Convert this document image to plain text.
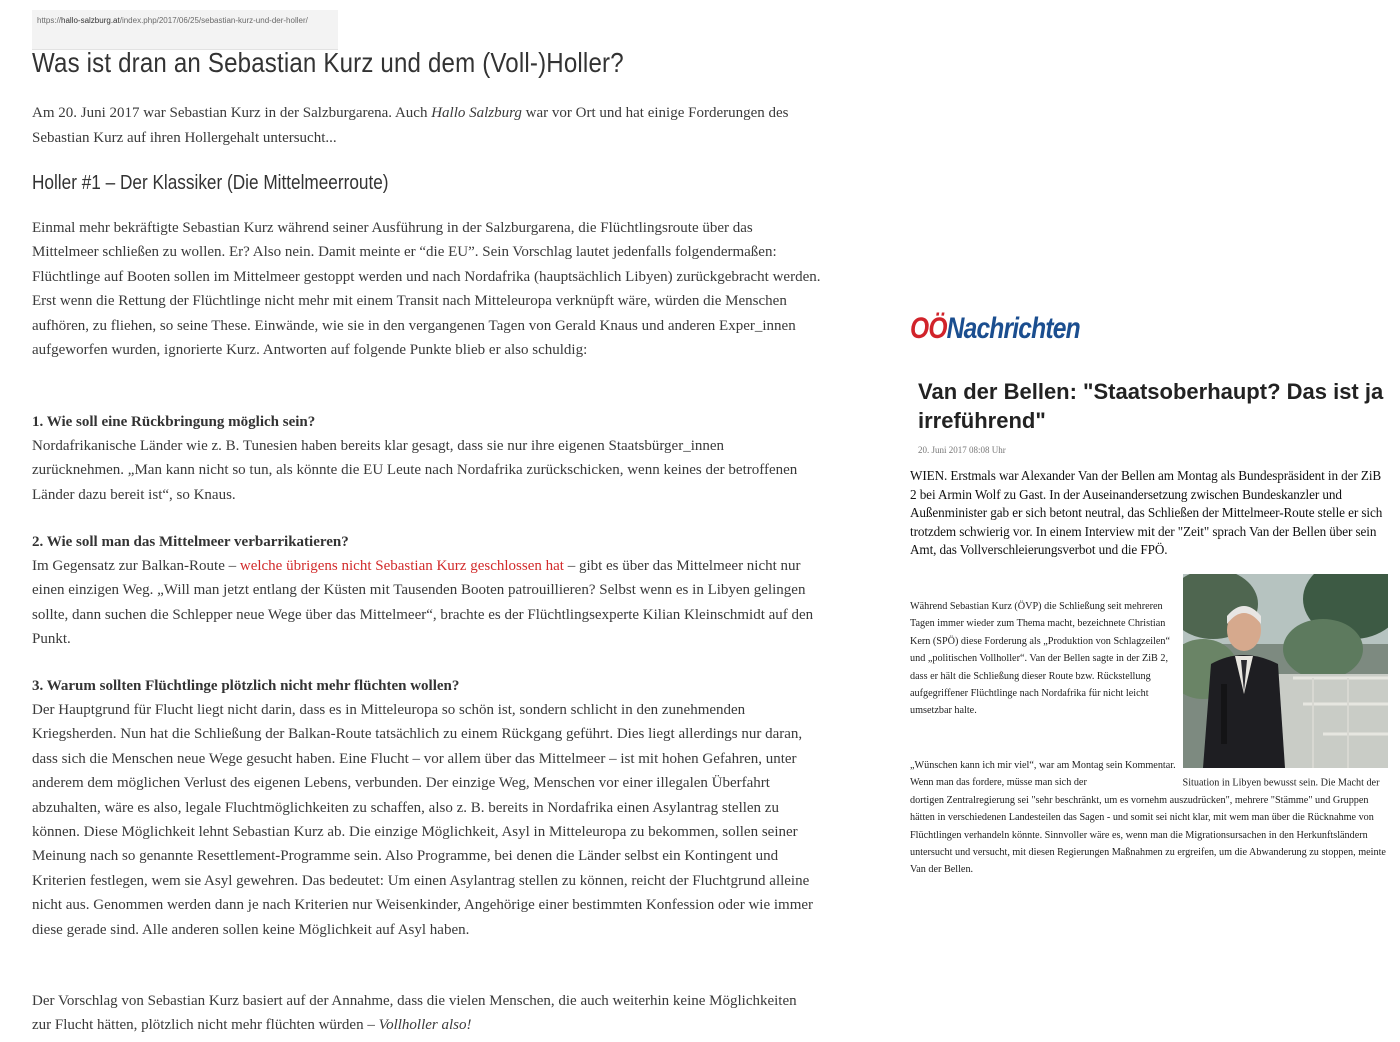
https://hallo-salzburg.at/index.php/2017/06/25/sebastian-kurz-und-der-holler/
Was ist dran an Sebastian Kurz und dem (Voll-)Holler?

Am 20. Juni 2017 war Sebastian Kurz in der Salzburgarena. Auch Hallo Salzburg war vor Ort und hat einige Forderungen des Sebastian Kurz auf ihren Hollergehalt untersucht...

Holler #1 – Der Klassiker (Die Mittelmeerroute)

Einmal mehr bekräftigte Sebastian Kurz während seiner Ausführung in der Salzburgarena, die Flüchtlingsroute über das Mittelmeer schließen zu wollen. Er? Also nein. Damit meinte er “die EU”. Sein Vorschlag lautet jedenfalls folgendermaßen: Flüchtlinge auf Booten sollen im Mittelmeer gestoppt werden und nach Nordafrika (hauptsächlich Libyen) zurückgebracht werden. Erst wenn die Rettung der Flüchtlinge nicht mehr mit einem Transit nach Mitteleuropa verknüpft wäre, würden die Menschen aufhören, zu fliehen, so seine These. Einwände, wie sie in den vergangenen Tagen von Gerald Knaus und anderen Exper_innen aufgeworfen wurden, ignorierte Kurz. Antworten auf folgende Punkte blieb er also schuldig:

1. Wie soll eine Rückbringung möglich sein?

Nordafrikanische Länder wie z. B. Tunesien haben bereits klar gesagt, dass sie nur ihre eigenen Staatsbürger_innen zurücknehmen. „Man kann nicht so tun, als könnte die EU Leute nach Nordafrika zurückschicken, wenn keines der betroffenen Länder dazu bereit ist“, so Knaus.

2. Wie soll man das Mittelmeer verbarrikatieren?

Im Gegensatz zur Balkan-Route – welche übrigens nicht Sebastian Kurz geschlossen hat – gibt es über das Mittelmeer nicht nur einen einzigen Weg. „Will man jetzt entlang der Küsten mit Tausenden Booten patrouillieren? Selbst wenn es in Libyen gelingen sollte, dann suchen die Schlepper neue Wege über das Mittelmeer“, brachte es der Flüchtlingsexperte Kilian Kleinschmidt auf den Punkt.

3. Warum sollten Flüchtlinge plötzlich nicht mehr flüchten wollen?

Der Hauptgrund für Flucht liegt nicht darin, dass es in Mitteleuropa so schön ist, sondern schlicht in den zunehmenden Kriegsherden. Nun hat die Schließung der Balkan-Route tatsächlich zu einem Rückgang geführt. Dies liegt allerdings nur daran, dass sich die Menschen neue Wege gesucht haben. Eine Flucht – vor allem über das Mittelmeer – ist mit hohen Gefahren, unter anderem dem möglichen Verlust des eigenen Lebens, verbunden. Der einzige Weg, Menschen vor einer illegalen Überfahrt abzuhalten, wäre es also, legale Fluchtmöglichkeiten zu schaffen, also z. B. bereits in Nordafrika einen Asylantrag stellen zu können. Diese Möglichkeit lehnt Sebastian Kurz ab. Die einzige Möglichkeit, Asyl in Mitteleuropa zu bekommen, sollen seiner Meinung nach so genannte Resettlement-Programme sein. Also Programme, bei denen die Länder selbst ein Kontingent und Kriterien festlegen, wem sie Asyl gewehren. Das bedeutet: Um einen Asylantrag stellen zu können, reicht der Fluchtgrund alleine nicht aus. Genommen werden dann je nach Kriterien nur Weisenkinder, Angehörige einer bestimmten Konfession oder wie immer diese gerade sind. Alle anderen sollen keine Möglichkeit auf Asyl haben.

Der Vorschlag von Sebastian Kurz basiert auf der Annahme, dass die vielen Menschen, die auch weiterhin keine Möglichkeiten zur Flucht hätten, plötzlich nicht mehr flüchten würden – Vollholler also!

OÖNachrichten
Van der Bellen: "Staatsoberhaupt? Das ist ja irreführend"
20. Juni 2017 08:08 Uhr

WIEN. Erstmals war Alexander Van der Bellen am Montag als Bundespräsident in der ZiB 2 bei Armin Wolf zu Gast. In der Auseinandersetzung zwischen Bundeskanzler und Außenminister gab er sich betont neutral, das Schließen der Mittelmeer-Route stelle er sich trotzdem schwierig vor. In einem Interview mit der "Zeit" sprach Van der Bellen über sein Amt, das Vollverschleierungsverbot und die FPÖ.

Während Sebastian Kurz (ÖVP) die Schließung seit mehreren Tagen immer wieder zum Thema macht, bezeichnete Christian Kern (SPÖ) diese Forderung als „Produktion von Schlagzeilen“ und „politischen Vollholler“. Van der Bellen sagte in der ZiB 2, dass er hält die Schließung dieser Route bzw. Rückstellung aufgegriffener Flüchtlinge nach Nordafrika für nicht leicht umsetzbar halte.

„Wünschen kann ich mir viel“, war am Montag sein Kommentar. Wenn man das fordere, müsse man sich der	Situation in Libyen bewusst sein. Die Macht der dortigen Zentralregierung sei "sehr beschränkt, um es vornehm auszudrücken", mehrere "Stämme" und Gruppen hätten in verschiedenen Landesteilen das Sagen - und somit sei nicht klar, mit wem man über die Rücknahme von Flüchtlingen verhandeln könnte. Sinnvoller wäre es, wenn man die Migrationsursachen in den Herkunftsländern untersucht und versucht, mit diesen Regierungen Maßnahmen zu ergreifen, um die Abwanderung zu stoppen, meinte Van der Bellen.
